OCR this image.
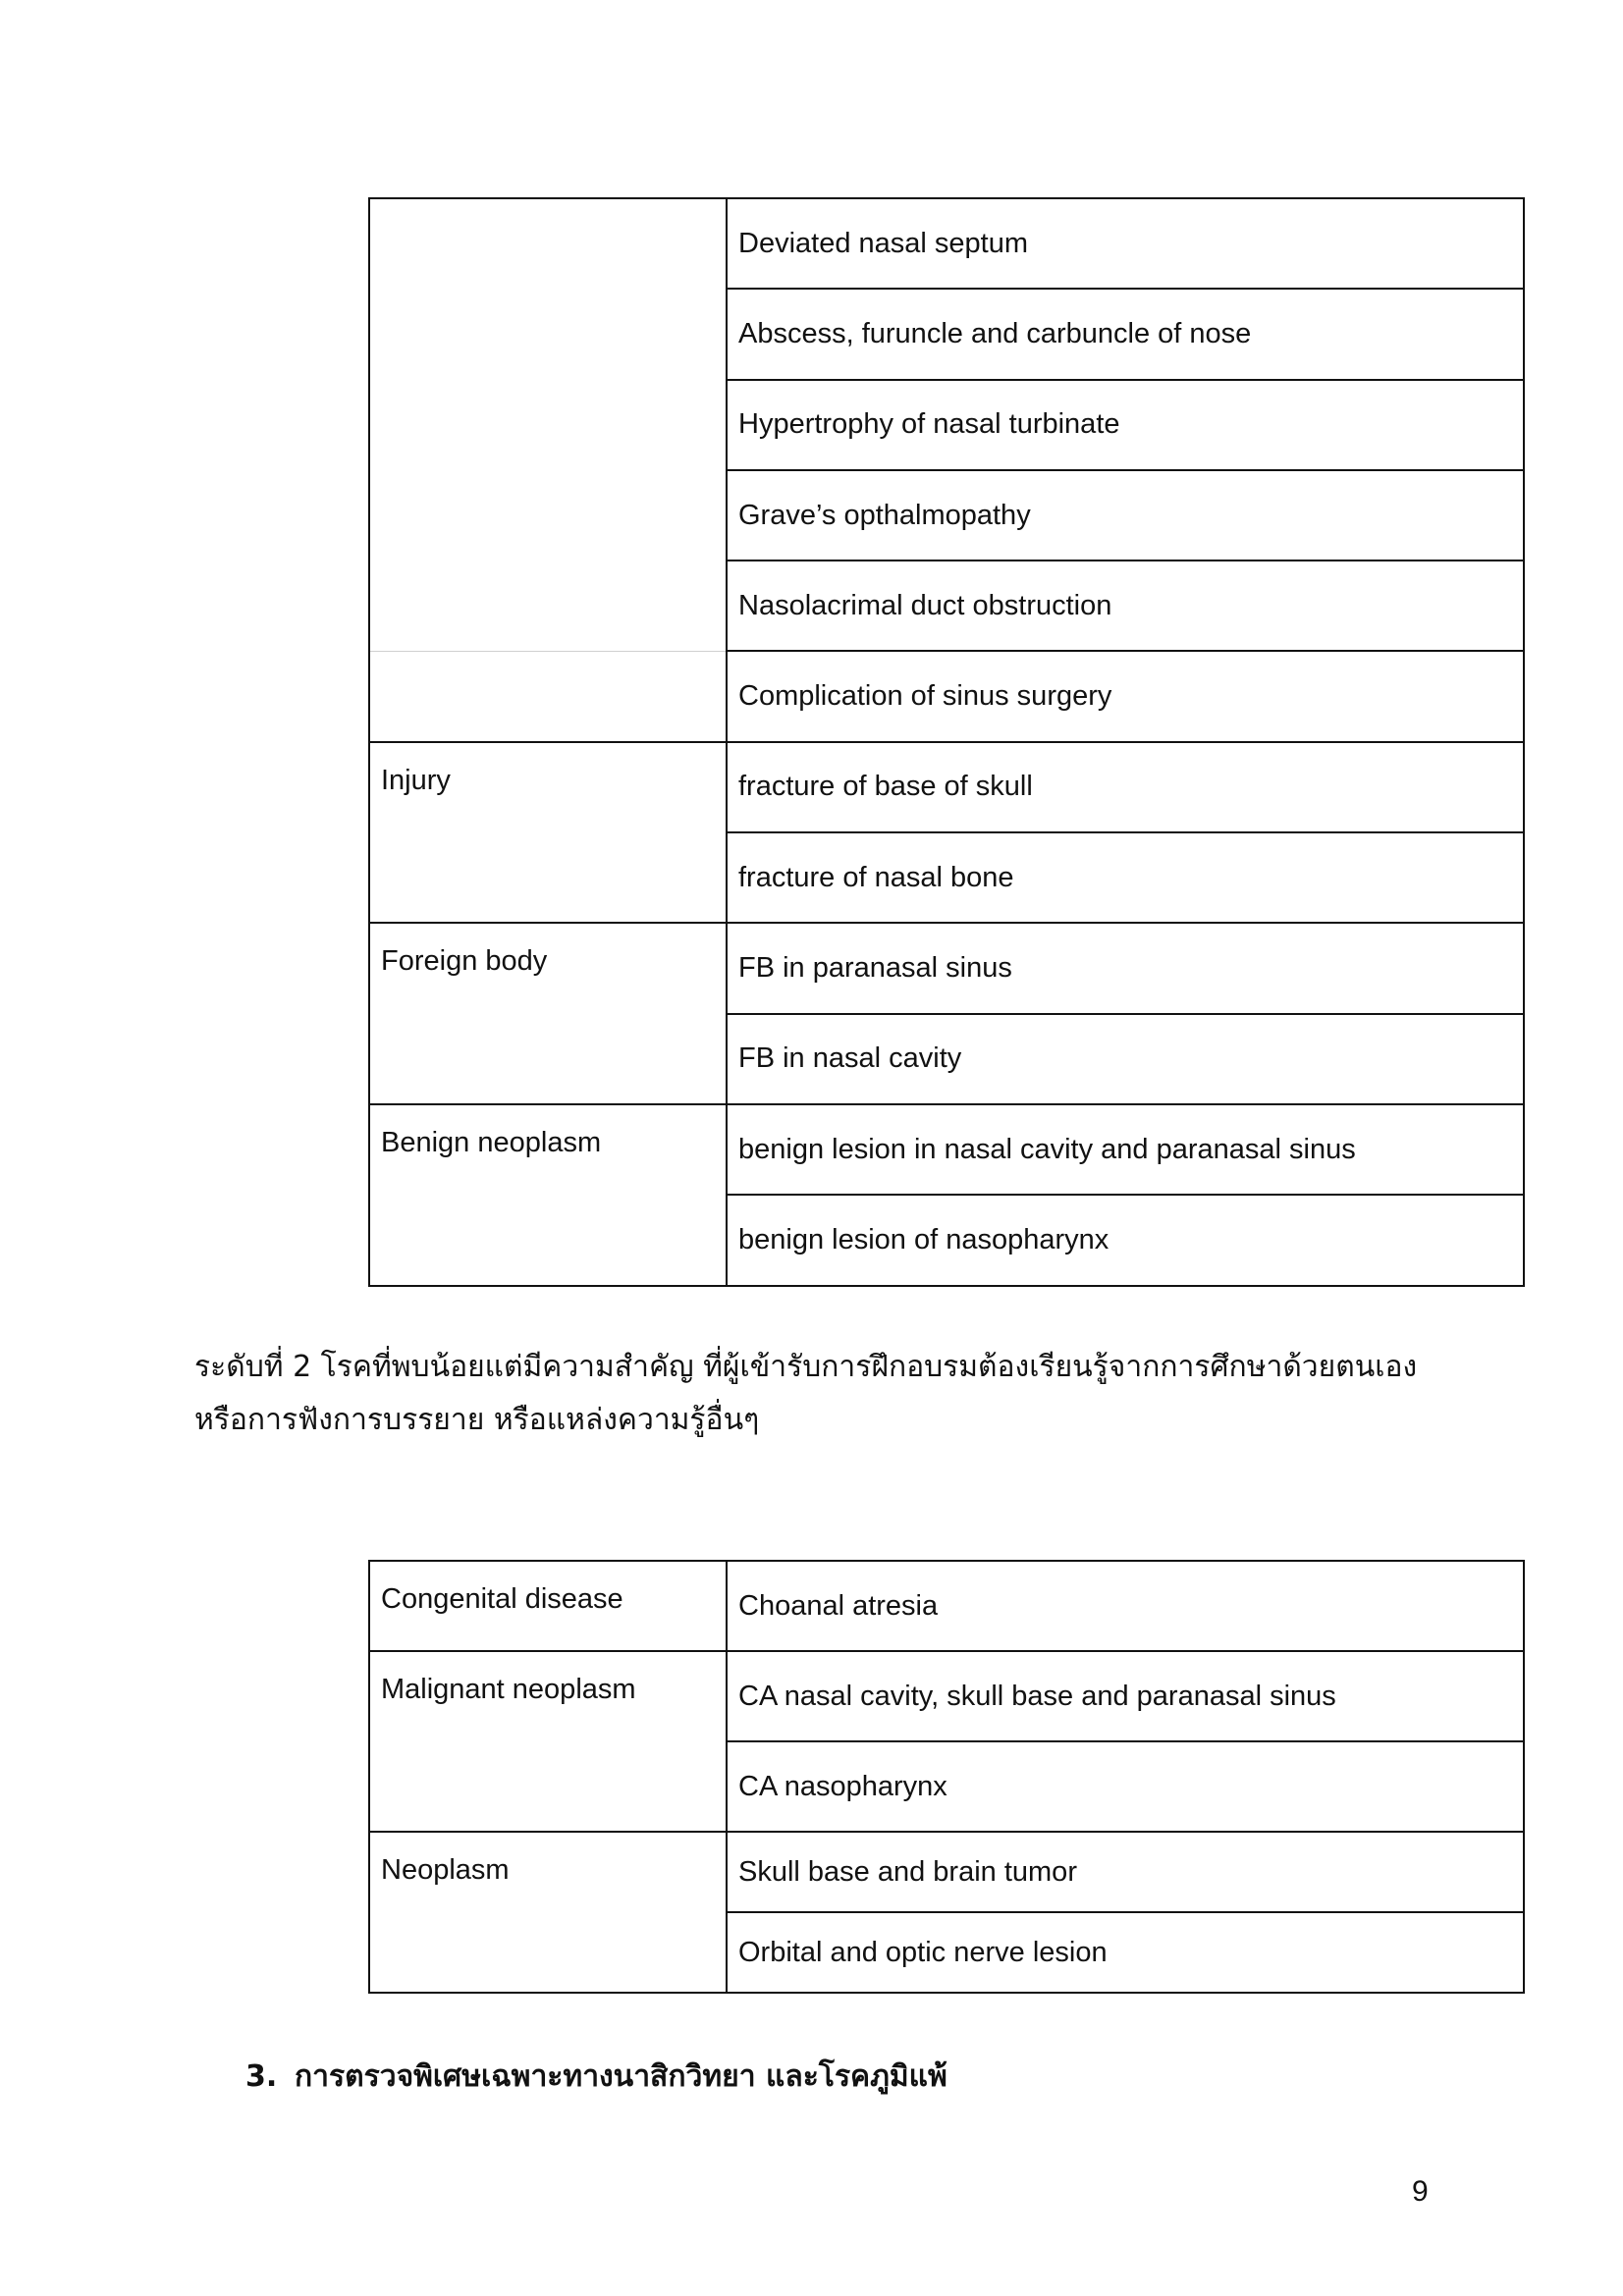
	Deviated nasal septum
	Abscess, furuncle and carbuncle of nose
	Hypertrophy of nasal turbinate
	Grave’s opthalmopathy
	Nasolacrimal duct obstruction
	Complication of sinus surgery
Injury	fracture of base of skull
	fracture of nasal bone
Foreign body	FB in paranasal sinus
	FB in nasal cavity
Benign neoplasm	benign lesion in nasal cavity and paranasal sinus
	benign lesion of nasopharynx
ระดับที่ 2 โรคที่พบน้อยแต่มีความสำคัญ ที่ผู้เข้ารับการฝึกอบรมต้องเรียนรู้จากการศึกษาด้วยตนเอง
หรือการฟังการบรรยาย หรือแหล่งความรู้อื่นๆ
Congenital disease	Choanal atresia
Malignant neoplasm	CA nasal cavity, skull base and paranasal sinus
	CA nasopharynx
Neoplasm	Skull base and brain tumor
	Orbital and optic nerve lesion
3. การตรวจพิเศษเฉพาะทางนาสิกวิทยา และโรคภูมิแพ้
9
